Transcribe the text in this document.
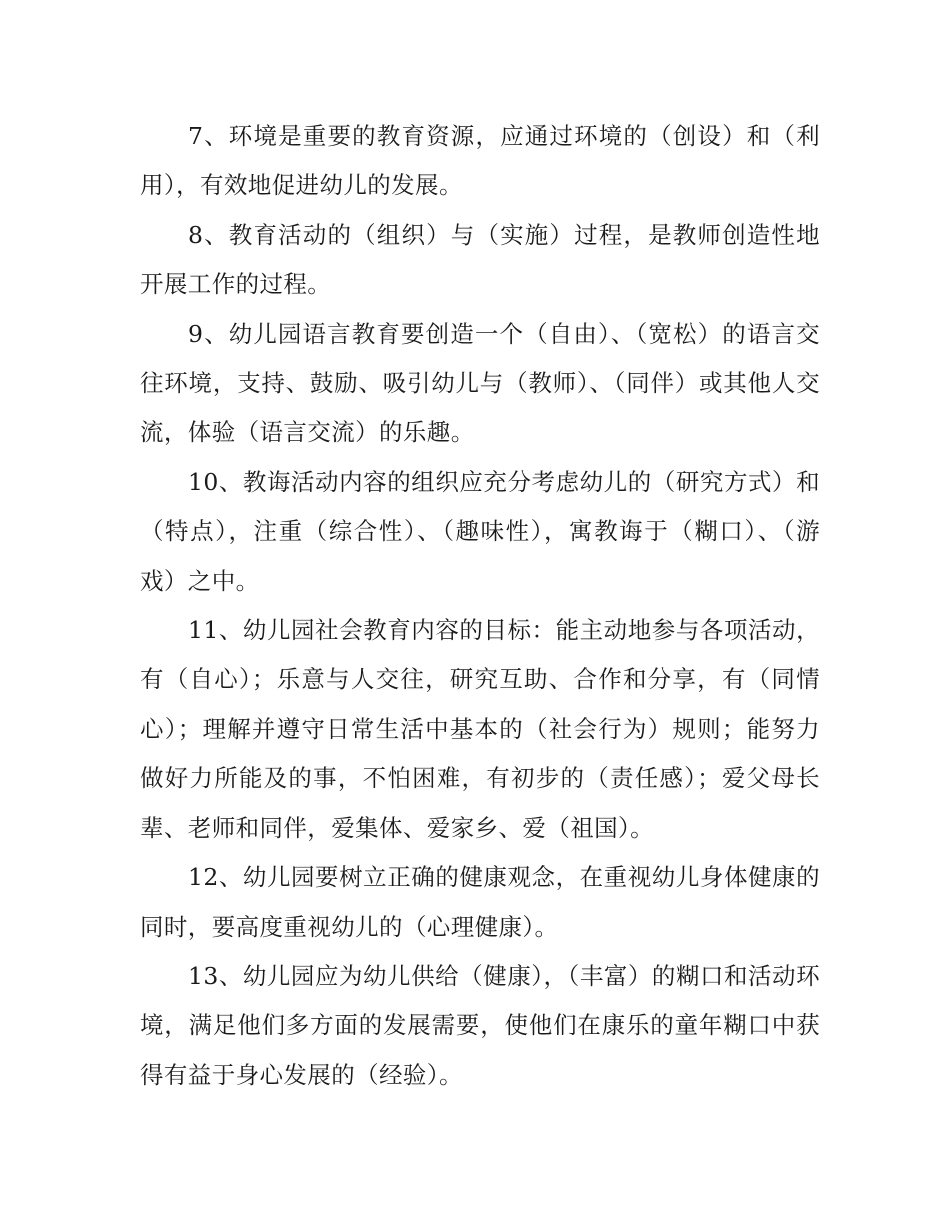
7、环境是重要的教育资源，应通过环境的（创设）和（利用），有效地促进幼儿的发展。

8、教育活动的（组织）与（实施）过程，是教师创造性地开展工作的过程。

9、幼儿园语言教育要创造一个（自由）、（宽松）的语言交往环境，支持、鼓励、吸引幼儿与（教师）、（同伴）或其他人交流，体验（语言交流）的乐趣。

10、教诲活动内容的组织应充分考虑幼儿的（研究方式）和（特点），注重（综合性）、（趣味性），寓教诲于（糊口）、（游戏）之中。

11、幼儿园社会教育内容的目标：能主动地参与各项活动，有（自心）；乐意与人交往，研究互助、合作和分享，有（同情心）；理解并遵守日常生活中基本的（社会行为）规则；能努力做好力所能及的事，不怕困难，有初步的（责任感）；爱父母长辈、老师和同伴，爱集体、爱家乡、爱（祖国）。

12、幼儿园要树立正确的健康观念，在重视幼儿身体健康的同时，要高度重视幼儿的（心理健康）。

13、幼儿园应为幼儿供给（健康），（丰富）的糊口和活动环境，满足他们多方面的发展需要，使他们在康乐的童年糊口中获得有益于身心发展的（经验）。
